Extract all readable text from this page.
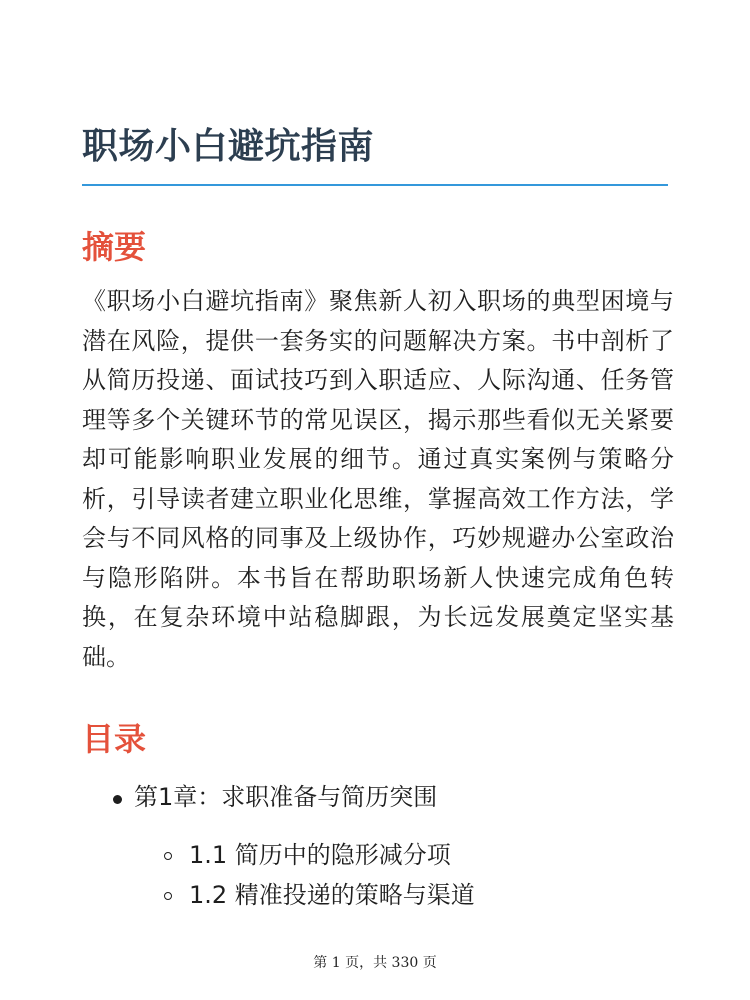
职场小白避坑指南
摘要

《职场小白避坑指南》聚焦新人初入职场的典型困境与潜在风险，提供一套务实的问题解决方案。书中剖析了从简历投递、面试技巧到入职适应、人际沟通、任务管理等多个关键环节的常见误区，揭示那些看似无关紧要却可能影响职业发展的细节。通过真实案例与策略分析，引导读者建立职业化思维，掌握高效工作方法，学会与不同风格的同事及上级协作，巧妙规避办公室政治与隐形陷阱。本书旨在帮助职场新人快速完成角色转换，在复杂环境中站稳脚跟，为长远发展奠定坚实基础。

目录
第1章：求职准备与简历突围
1.1 简历中的隐形减分项
1.2 精准投递的策略与渠道
第 1 页，共 330 页
